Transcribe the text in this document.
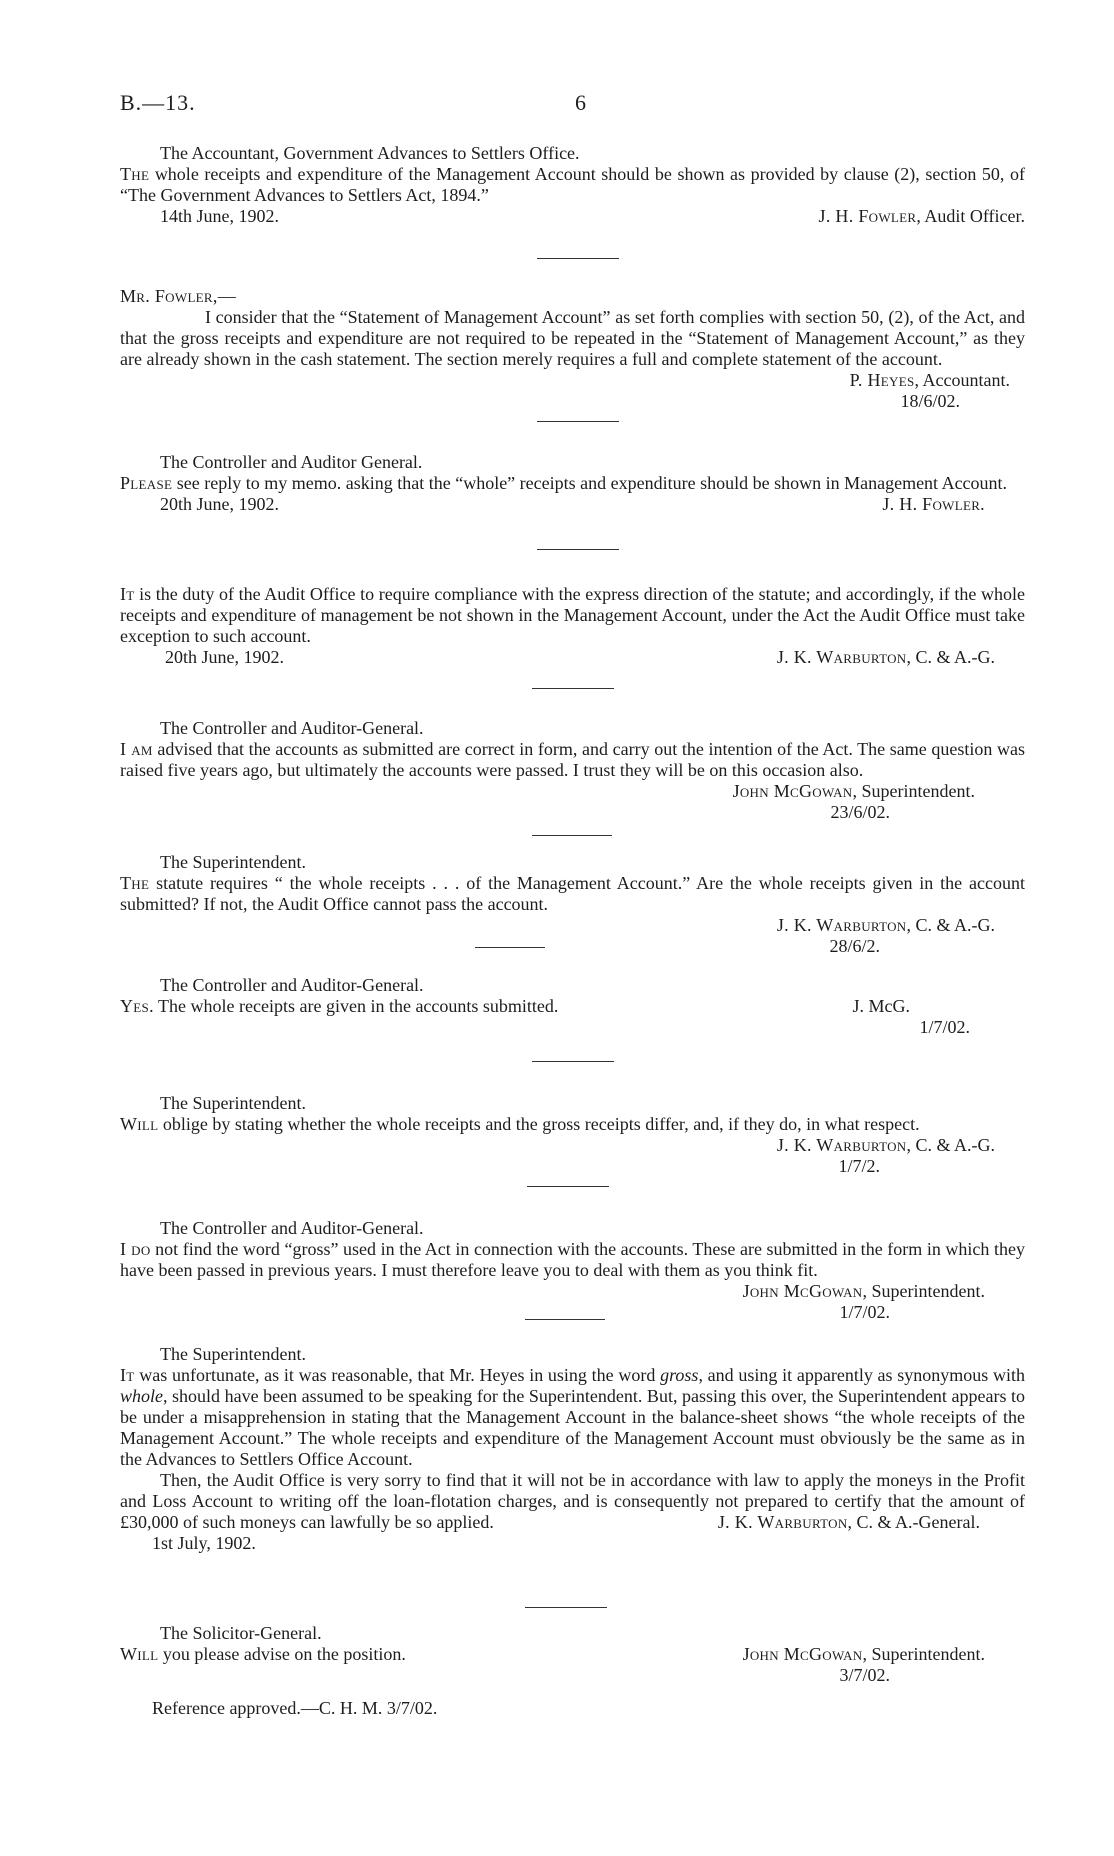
B.—13.	6

The Accountant, Government Advances to Settlers Office.

The whole receipts and expenditure of the Management Account should be shown as provided by clause (2), section 50, of “The Government Advances to Settlers Act, 1894.”

14th June, 1902.	J. H. Fowler, Audit Officer.

Mr. Fowler,—

I consider that the “Statement of Management Account” as set forth complies with section 50, (2), of the Act, and that the gross receipts and expenditure are not required to be repeated in the “Statement of Management Account,” as they are already shown in the cash statement. The section merely requires a full and complete statement of the account.

P. Heyes, Accountant.
18/6/02.

The Controller and Auditor General.

Please see reply to my memo. asking that the “whole” receipts and expenditure should be shown in Management Account.

20th June, 1902.	J. H. Fowler.

It is the duty of the Audit Office to require compliance with the express direction of the statute; and accordingly, if the whole receipts and expenditure of management be not shown in the Management Account, under the Act the Audit Office must take exception to such account.

20th June, 1902.	J. K. Warburton, C. & A.-G.

The Controller and Auditor-General.

I am advised that the accounts as submitted are correct in form, and carry out the intention of the Act. The same question was raised five years ago, but ultimately the accounts were passed. I trust they will be on this occasion also.

John McGowan, Superintendent.
23/6/02.

The Superintendent.

The statute requires “ the whole receipts . . . of the Management Account.” Are the whole receipts given in the account submitted? If not, the Audit Office cannot pass the account.

J. K. Warburton, C. & A.-G.
28/6/2.

The Controller and Auditor-General.

Yes. The whole receipts are given in the accounts submitted.	J. McG.
1/7/02.

The Superintendent.

Will oblige by stating whether the whole receipts and the gross receipts differ, and, if they do, in what respect.

J. K. Warburton, C. & A.-G.
1/7/2.

The Controller and Auditor-General.

I do not find the word “gross” used in the Act in connection with the accounts. These are submitted in the form in which they have been passed in previous years. I must therefore leave you to deal with them as you think fit.

John McGowan, Superintendent.
1/7/02.

The Superintendent.

It was unfortunate, as it was reasonable, that Mr. Heyes in using the word gross, and using it apparently as synonymous with whole, should have been assumed to be speaking for the Superintendent. But, passing this over, the Superintendent appears to be under a misapprehension in stating that the Management Account in the balance-sheet shows “the whole receipts of the Management Account.” The whole receipts and expenditure of the Management Account must obviously be the same as in the Advances to Settlers Office Account.

Then, the Audit Office is very sorry to find that it will not be in accordance with law to apply the moneys in the Profit and Loss Account to writing off the loan-flotation charges, and is consequently not prepared to certify that the amount of £30,000 of such moneys can lawfully be so applied.	J. K. Warburton, C. & A.-General.
1st July, 1902.

The Solicitor-General.

Will you please advise on the position.	John McGowan, Superintendent.
3/7/02.
Reference approved.—C. H. M. 3/7/02.
